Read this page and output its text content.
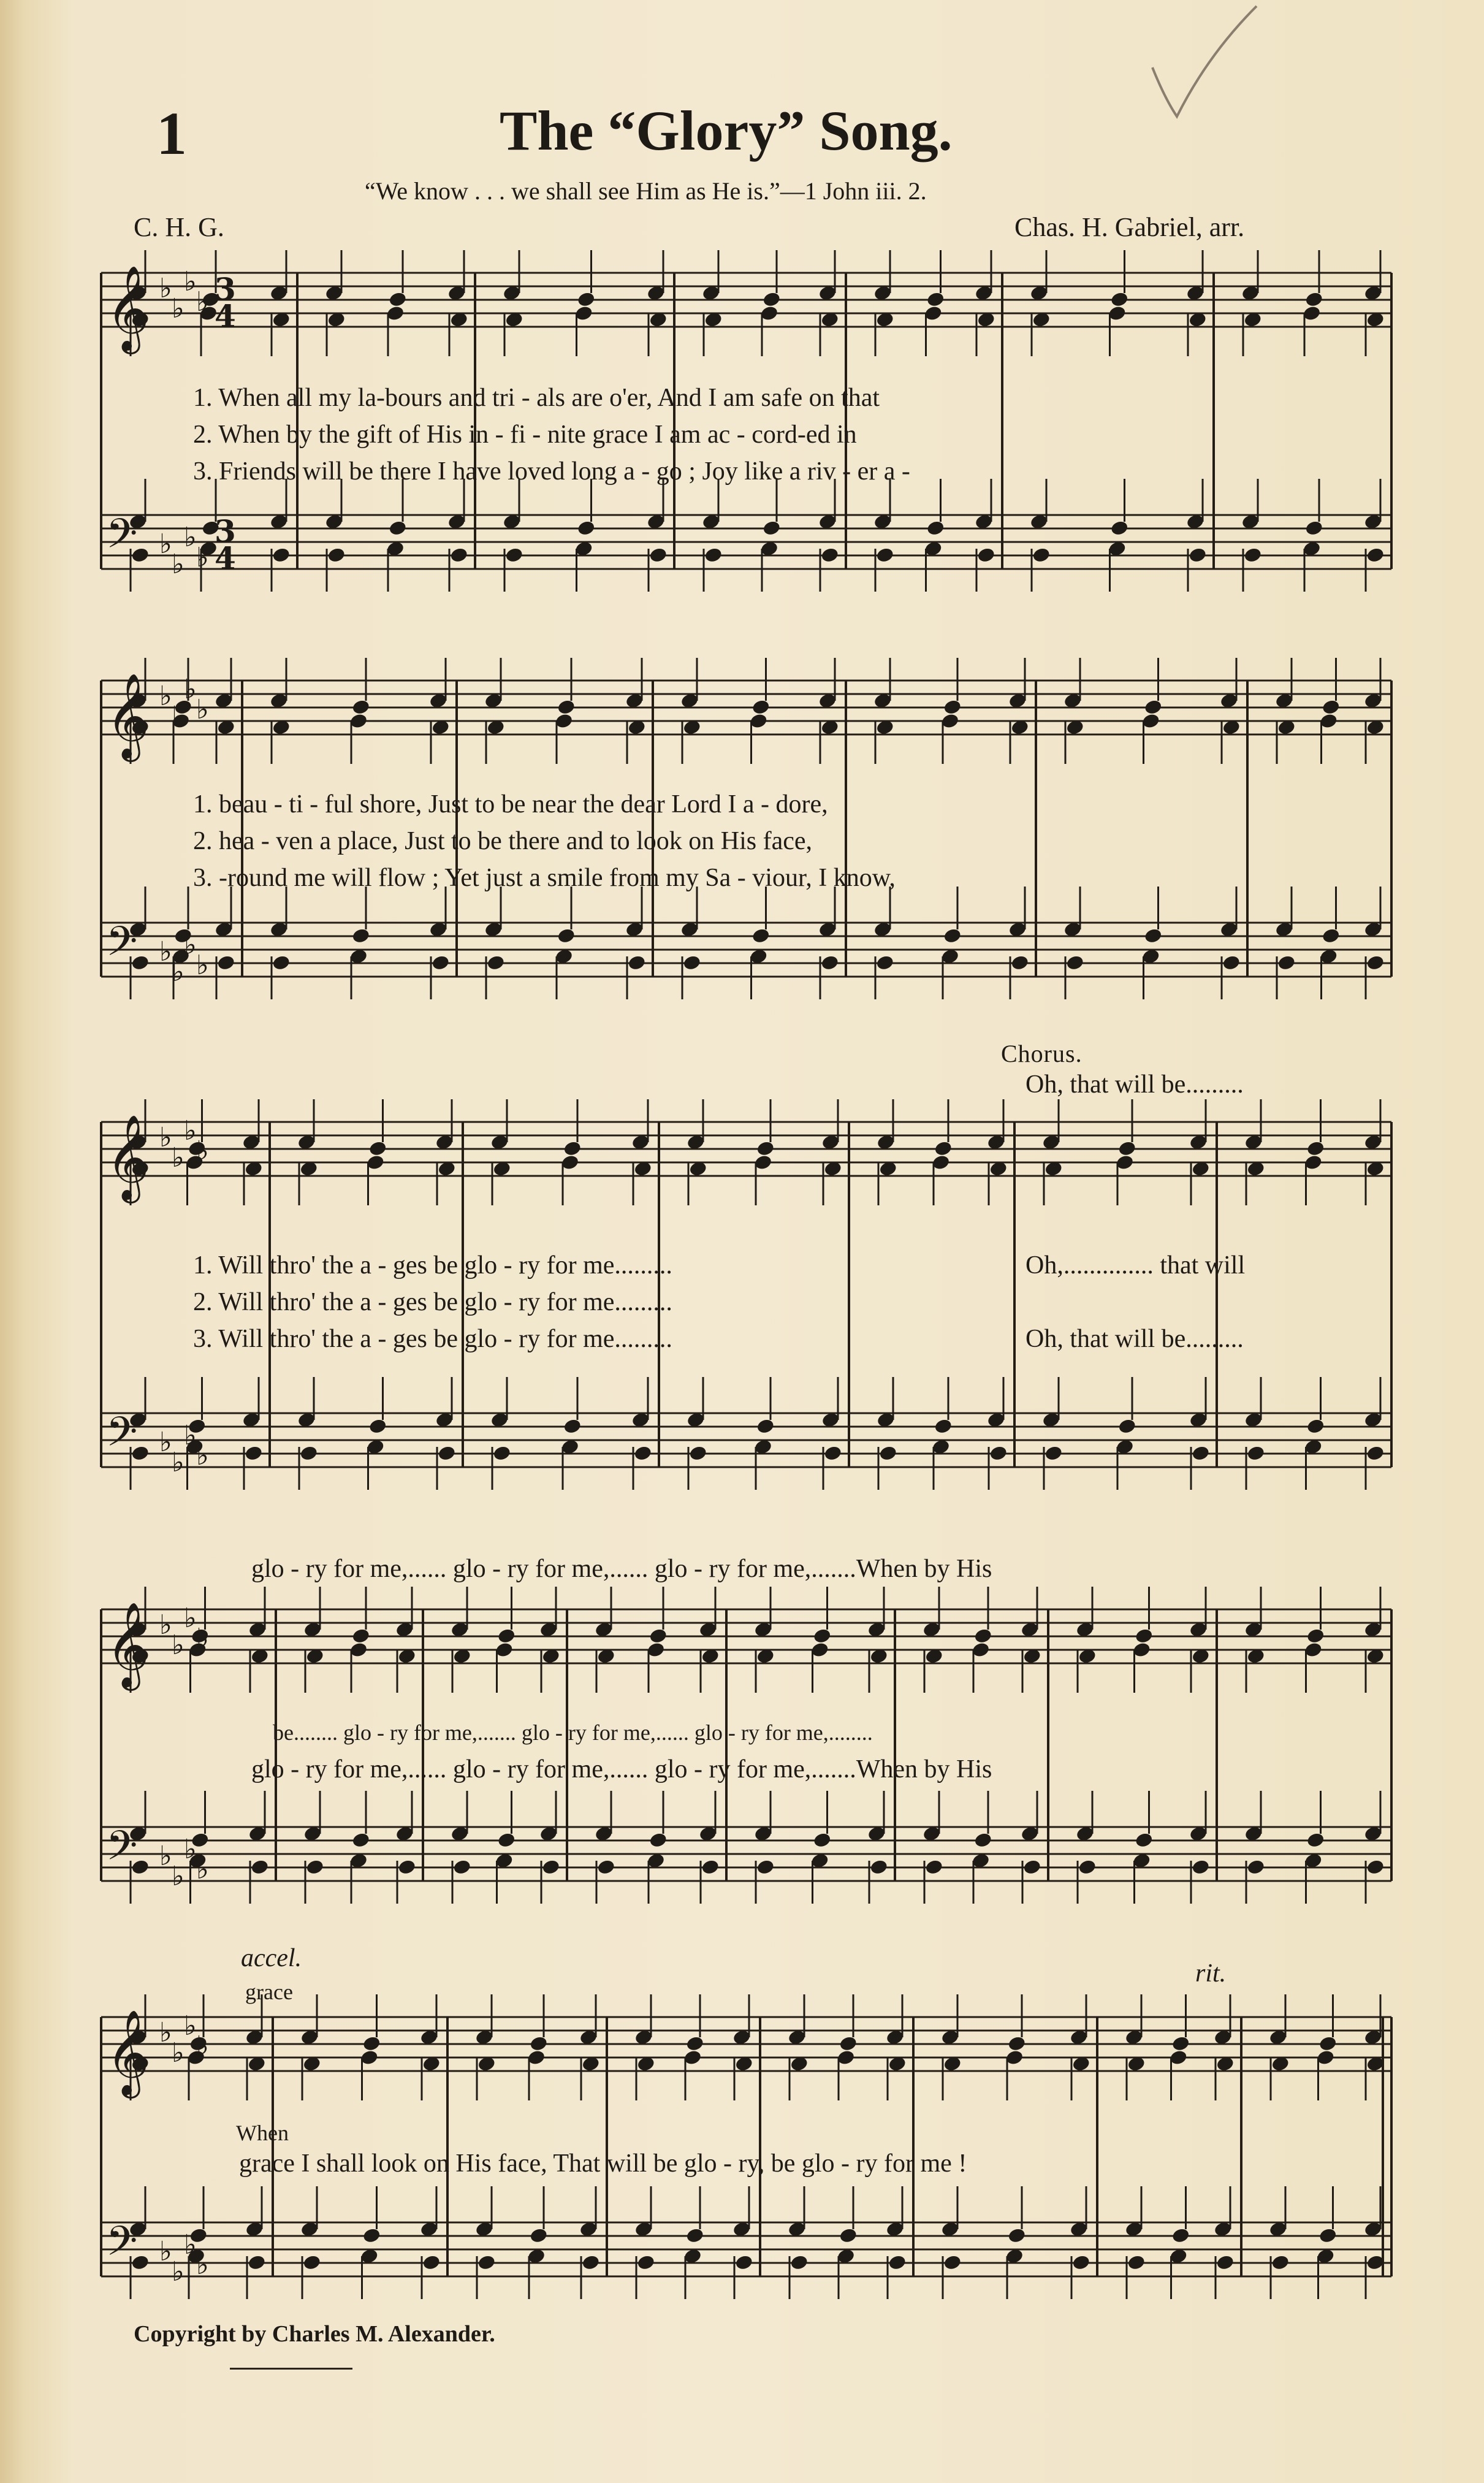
1	The “Glory” Song.
“We know . . . we shall see Him as He is.”—1 John iii. 2.
C. H. G.	Chas. H. Gabriel, arr.
𝄞 ♭
♭
♭
♭
𝄢 ♭
♭
♭
♭
3
3
4
4
𝄞 ♭
♭
♭
♭
𝄢 ♭
♭
♭
♭
𝄞 ♭
♭
♭
♭
𝄢 ♭
♭
♭
♭
𝄞 ♭
♭
♭
♭
𝄢 ♭
♭
♭
♭
𝄞 ♭
♭
♭
♭
𝄢 ♭
♭
♭
♭
1. When all my la-bours and tri - als are o'er, And I am safe on that
2. When by the gift of His in - fi - nite grace I am ac - cord-ed in
3. Friends will be there I have loved long a - go ; Joy like a riv - er a -
1. beau - ti - ful shore, Just to be near the dear Lord I a - dore,
2. hea - ven a place, Just to be there and to look on His face,
3. -round me will flow ; Yet just a smile from my Sa - viour, I know,
Chorus.
Oh, that will be.........
1. Will thro' the a - ges be glo - ry for me.........
2. Will thro' the a - ges be glo - ry for me.........
3. Will thro' the a - ges be glo - ry for me.........
Oh,.............. that will
Oh, that will be.........
glo - ry for me,...... glo - ry for me,...... glo - ry for me,.......When by His
be........ glo - ry for me,....... glo - ry for me,...... glo - ry for me,........
glo - ry for me,...... glo - ry for me,...... glo - ry for me,.......When by His
accel.
rit.
grace
When
grace I shall look on His face, That will be glo - ry, be glo - ry for me !
Copyright by Charles M. Alexander.
